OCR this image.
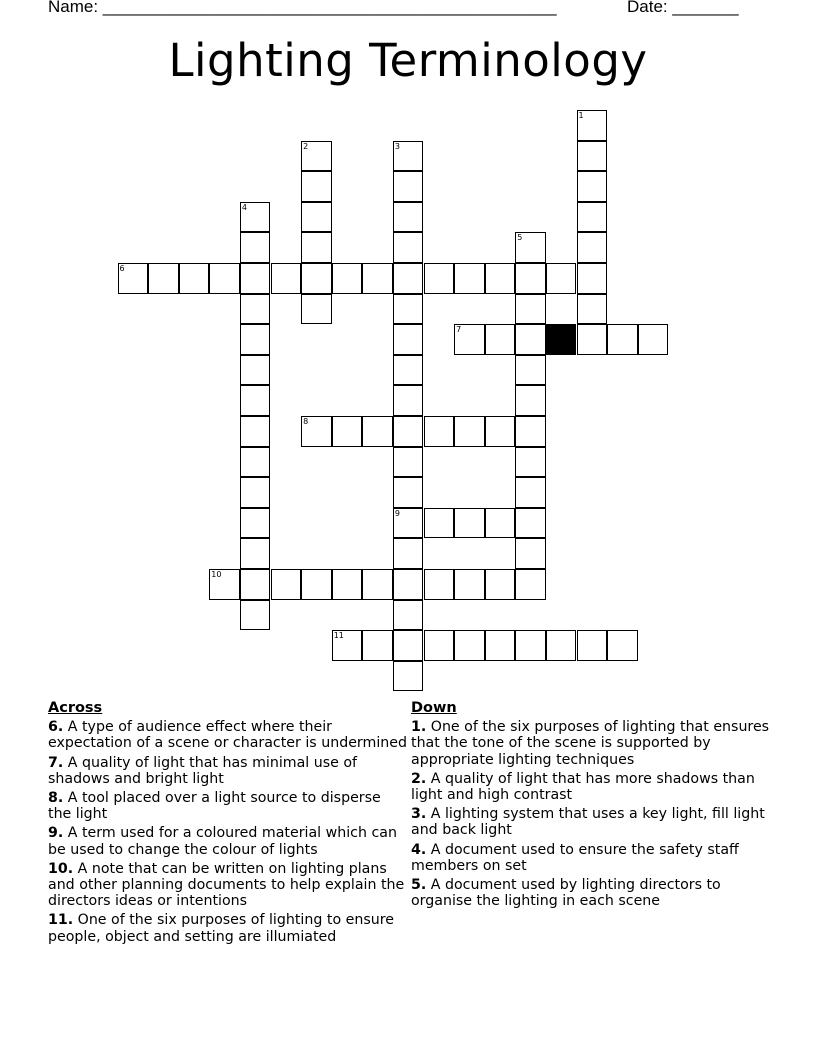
Name: ________________________________________________	Date: _______
Lighting Terminology
1
2	3
9
4
5
6
7
8
10
11
Across
6. A type of audience effect where their expectation of a scene or character is undermined
7. A quality of light that has minimal use of shadows and bright light
8. A tool placed over a light source to disperse the light
9. A term used for a coloured material which can be used to change the colour of lights
10. A note that can be written on lighting plans and other planning documents to help explain the directors ideas or intentions
11. One of the six purposes of lighting to ensure people, object and setting are illumiated
Down
1. One of the six purposes of lighting that ensures that the tone of the scene is supported by appropriate lighting techniques
2. A quality of light that has more shadows than light and high contrast
3. A lighting system that uses a key light, fill light and back light
4. A document used to ensure the safety staff members on set
5. A document used by lighting directors to organise the lighting in each scene
